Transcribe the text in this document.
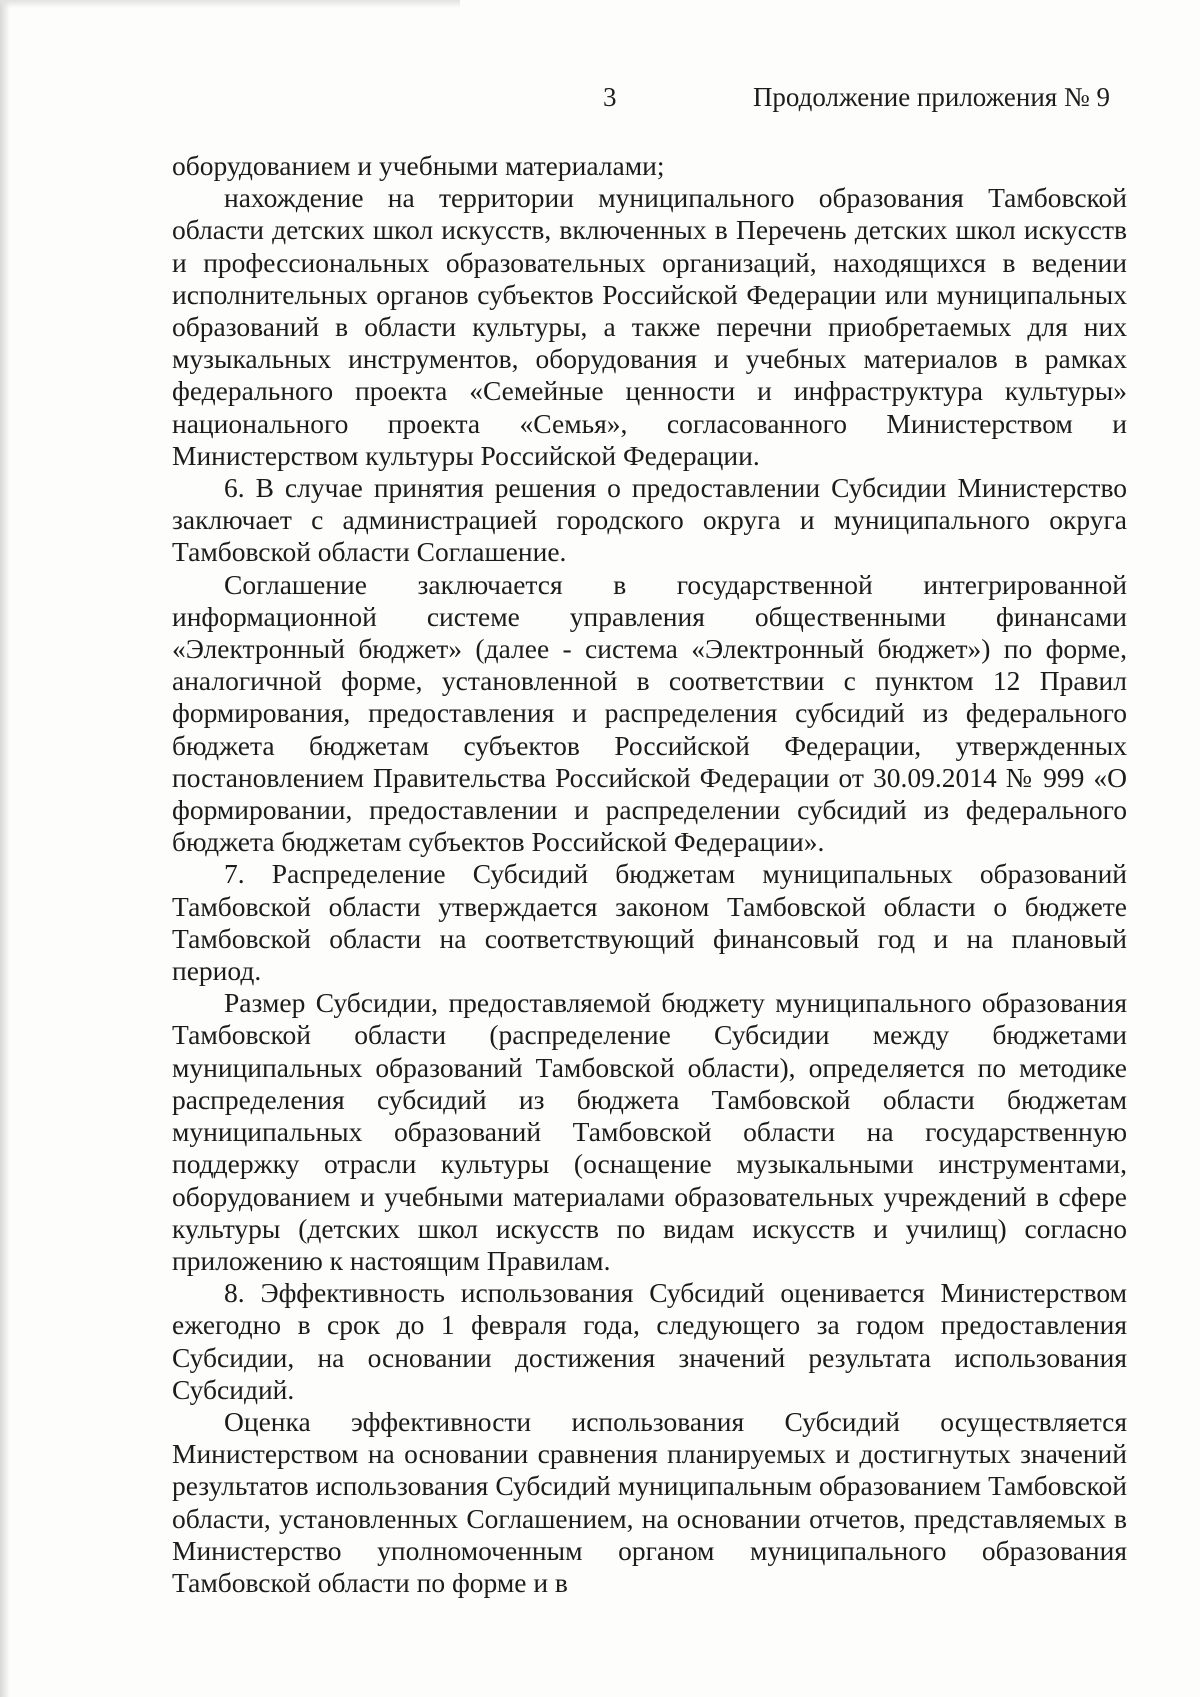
3	Продолжение приложения № 9

оборудованием и учебными материалами;

нахождение на территории муниципального образования Тамбовской области детских школ искусств, включенных в Перечень детских школ искусств и профессиональных образовательных организаций, находящихся в ведении исполнительных органов субъектов Российской Федерации или муниципальных образований в области культуры, а также перечни приобретаемых для них музыкальных инструментов, оборудования и учебных материалов в рамках федерального проекта «Семейные ценности и инфраструктура культуры» национального проекта «Семья», согласованного Министерством и Министерством культуры Российской Федерации.

6. В случае принятия решения о предоставлении Субсидии Министерство заключает с администрацией городского округа и муниципального округа Тамбовской области Соглашение.

Соглашение заключается в государственной интегрированной информационной системе управления общественными финансами «Электронный бюджет» (далее - система «Электронный бюджет») по форме, аналогичной форме, установленной в соответствии с пунктом 12 Правил формирования, предоставления и распределения субсидий из федерального бюджета бюджетам субъектов Российской Федерации, утвержденных постановлением Правительства Российской Федерации от 30.09.2014 № 999 «О формировании, предоставлении и распределении субсидий из федерального бюджета бюджетам субъектов Российской Федерации».

7. Распределение Субсидий бюджетам муниципальных образований Тамбовской области утверждается законом Тамбовской области о бюджете Тамбовской области на соответствующий финансовый год и на плановый период.

Размер Субсидии, предоставляемой бюджету муниципального образования Тамбовской области (распределение Субсидии между бюджетами муниципальных образований Тамбовской области), определяется по методике распределения субсидий из бюджета Тамбовской области бюджетам муниципальных образований Тамбовской области на государственную поддержку отрасли культуры (оснащение музыкальными инструментами, оборудованием и учебными материалами образовательных учреждений в сфере культуры (детских школ искусств по видам искусств и училищ) согласно приложению к настоящим Правилам.

8. Эффективность использования Субсидий оценивается Министерством ежегодно в срок до 1 февраля года, следующего за годом предоставления Субсидии, на основании достижения значений результата использования Субсидий.

Оценка эффективности использования Субсидий осуществляется Министерством на основании сравнения планируемых и достигнутых значений результатов использования Субсидий муниципальным образованием Тамбовской области, установленных Соглашением, на основании отчетов, представляемых в Министерство уполномоченным органом муниципального образования Тамбовской области по форме и в
